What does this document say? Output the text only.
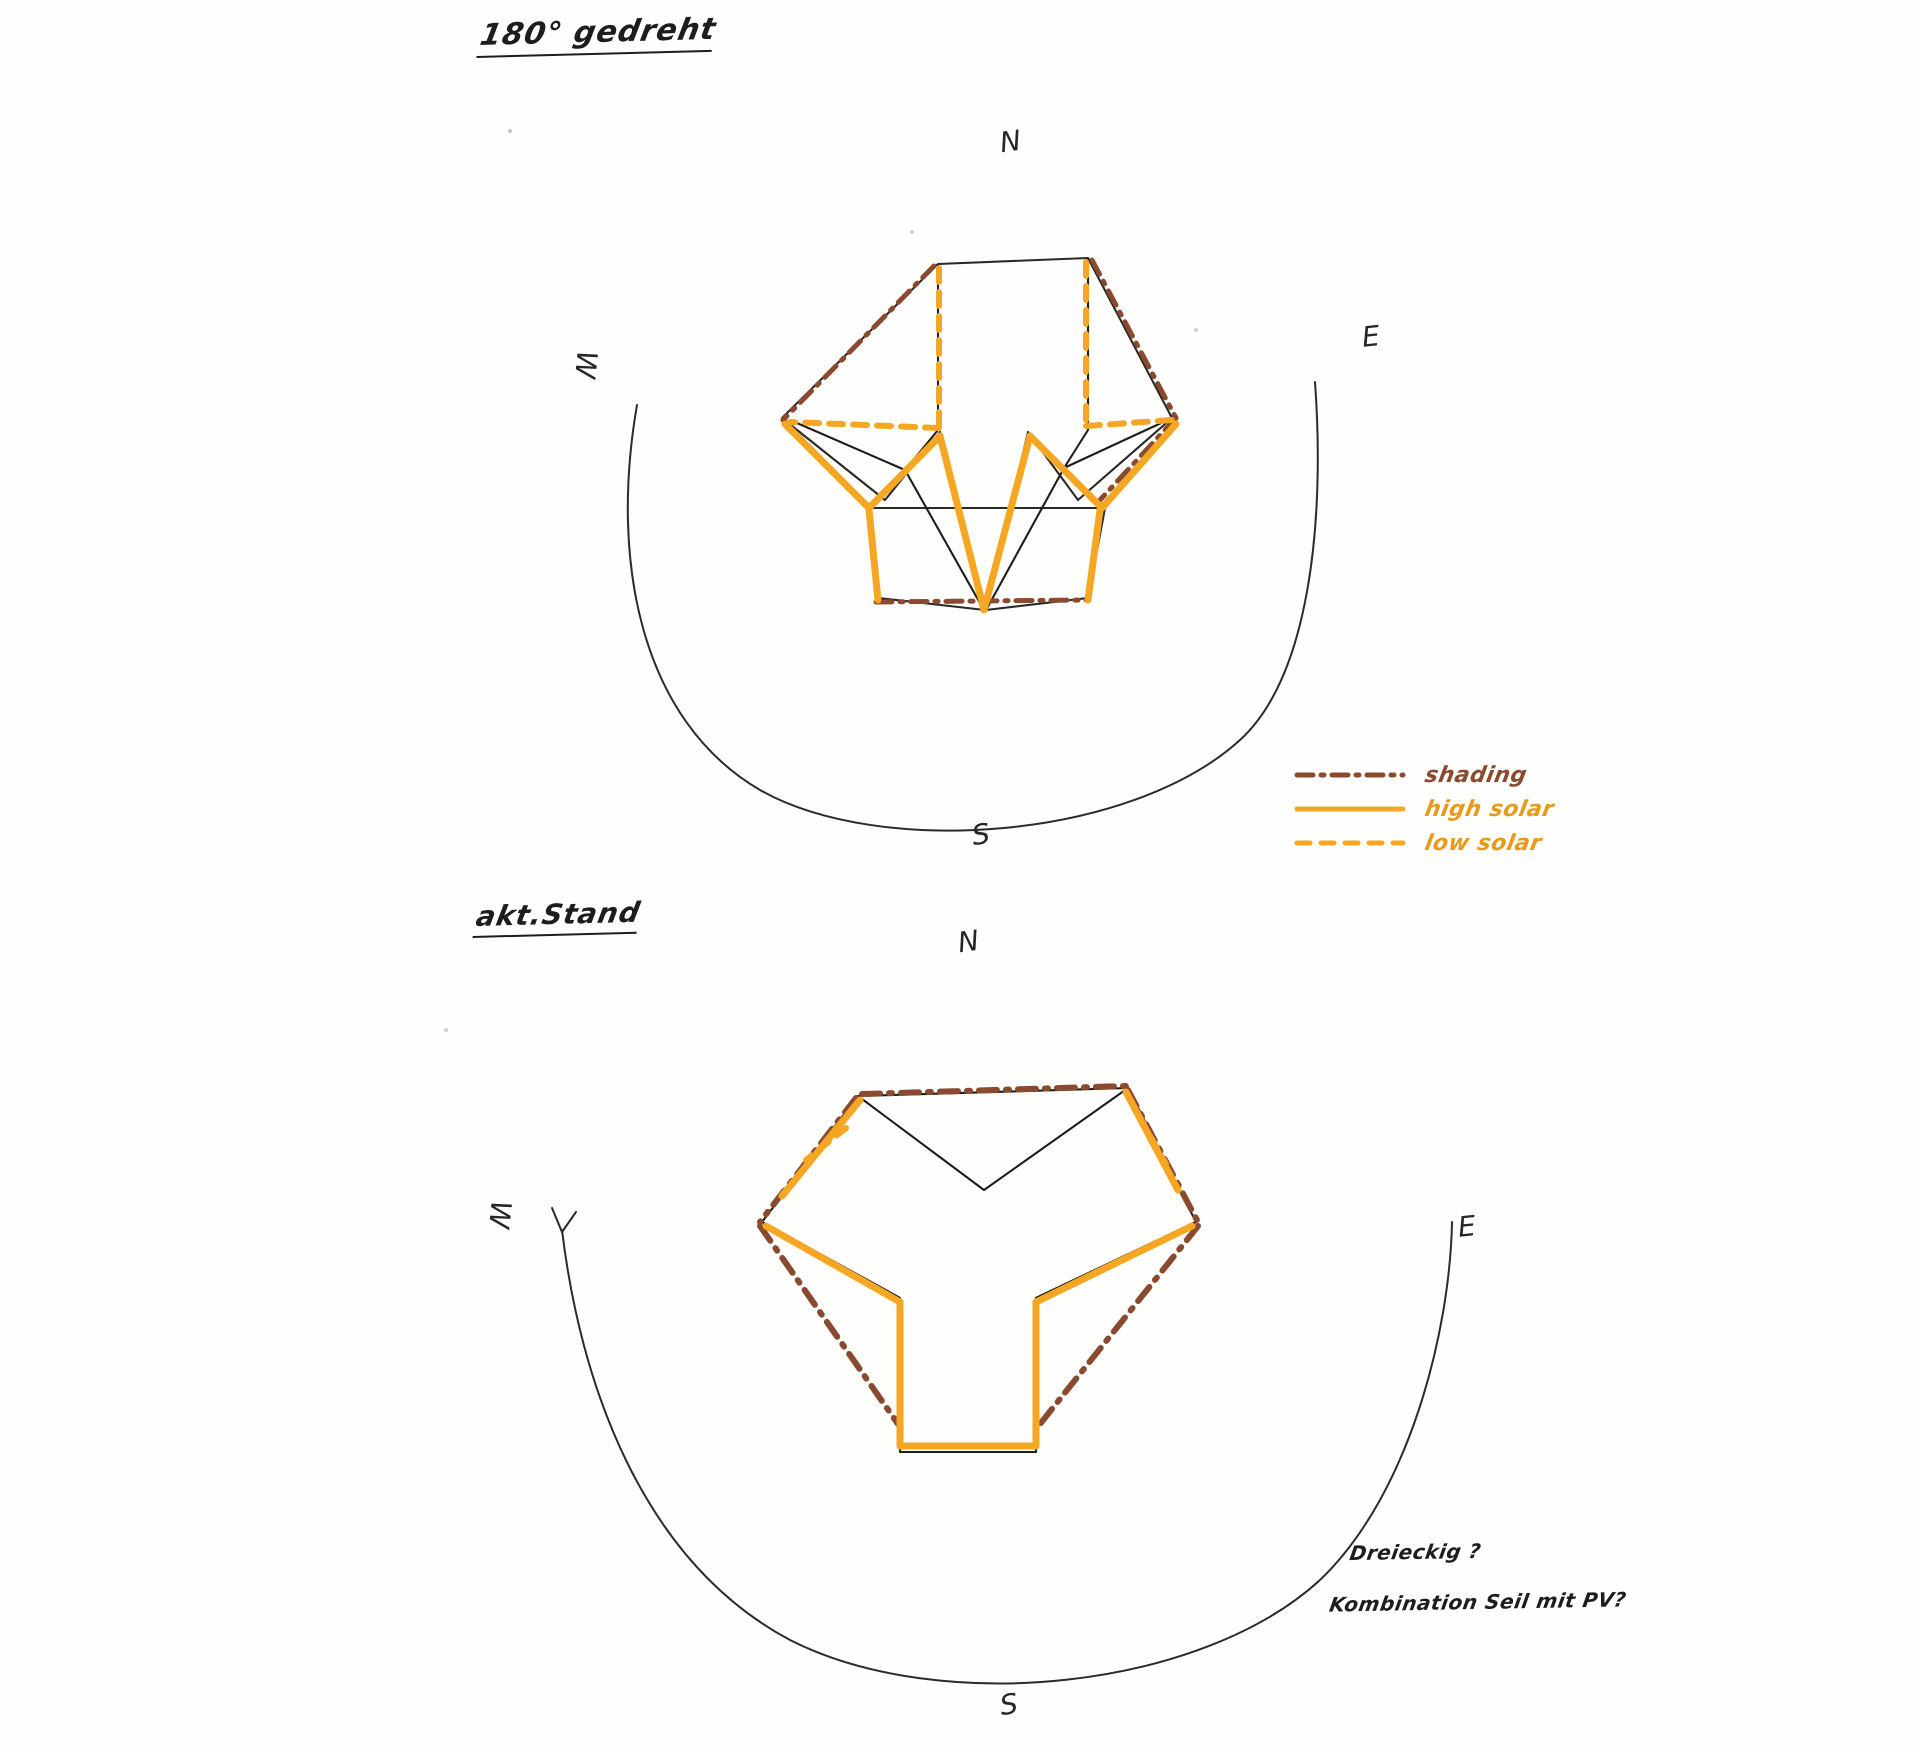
180° gedreht
N
E
S
W
akt.Stand
N
E
S
W
shading
high solar
low solar
Dreieckig ?
Kombination Seil mit PV?
